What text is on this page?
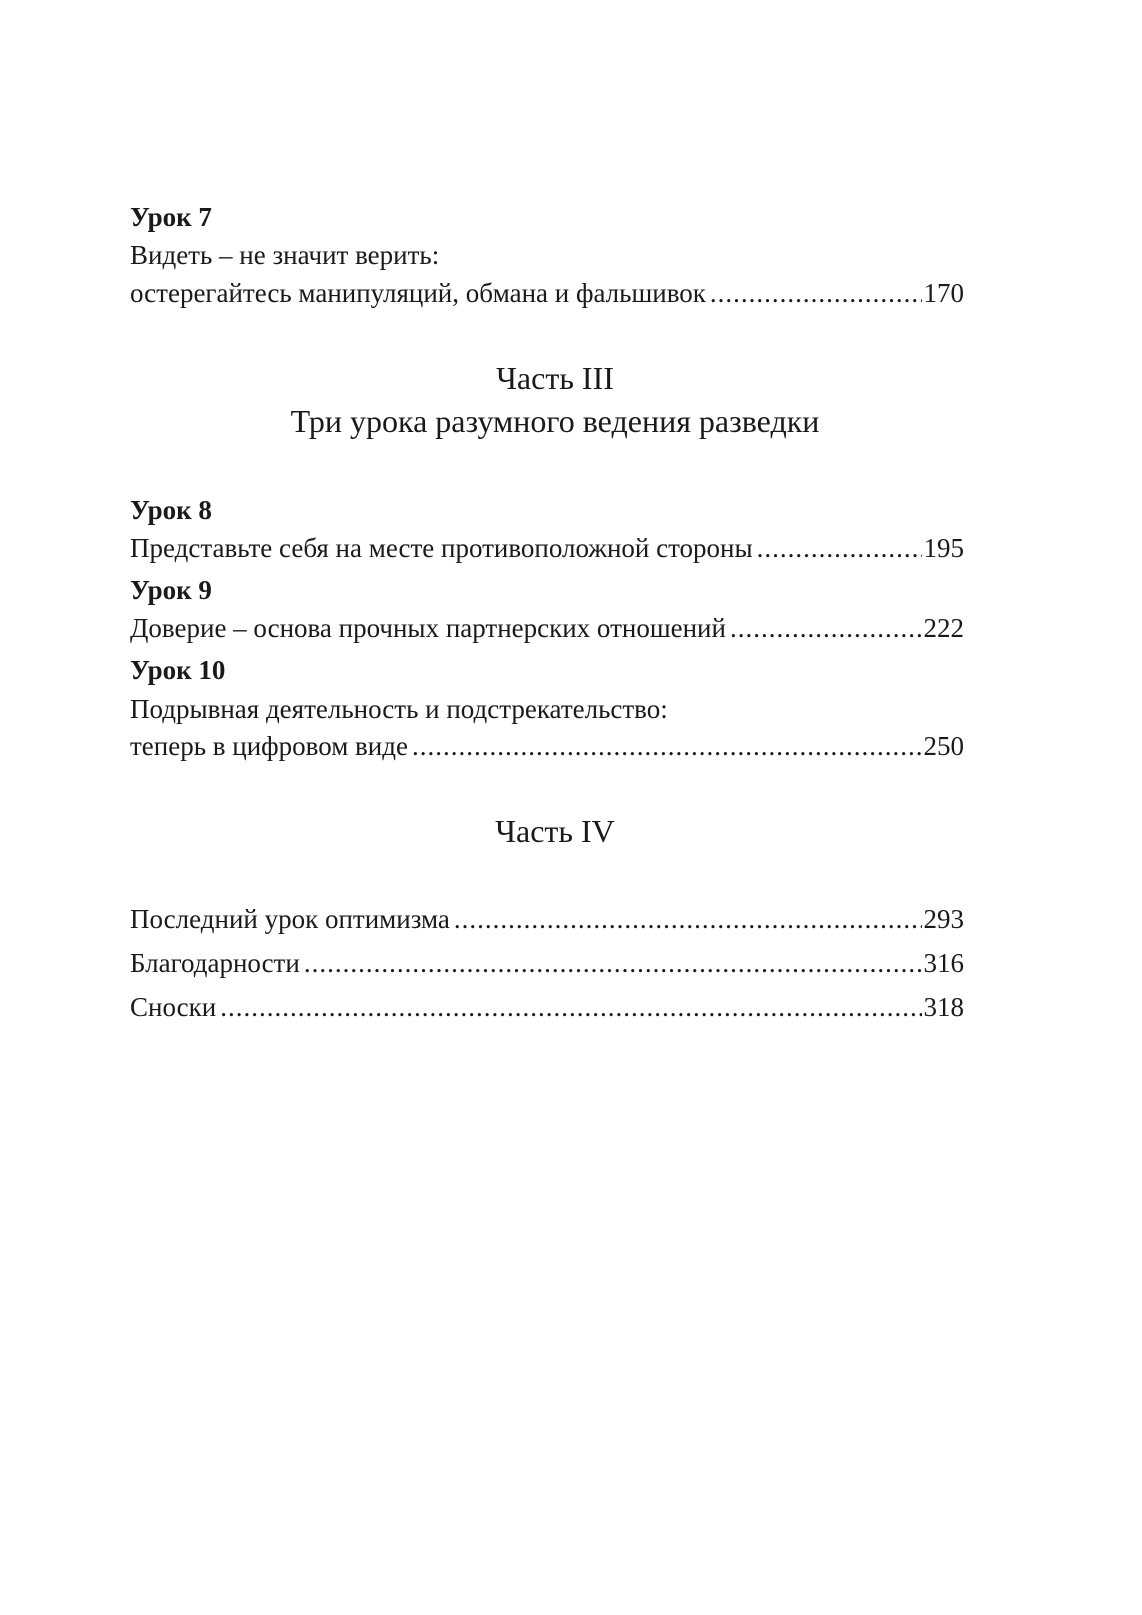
Урок 7
Видеть – не значит верить:
остерегайтесь манипуляций, обмана и фальшивок .....	170
Часть III
Три урока разумного ведения разведки
Урок 8
Представьте себя на месте противоположной стороны .....	195
Урок 9
Доверие – основа прочных партнерских отношений .....	222
Урок 10
Подрывная деятельность и подстрекательство:
теперь в цифровом виде .....	250
Часть IV
Последний урок оптимизма .....	293
Благодарности .....	316
Сноски .....	318
